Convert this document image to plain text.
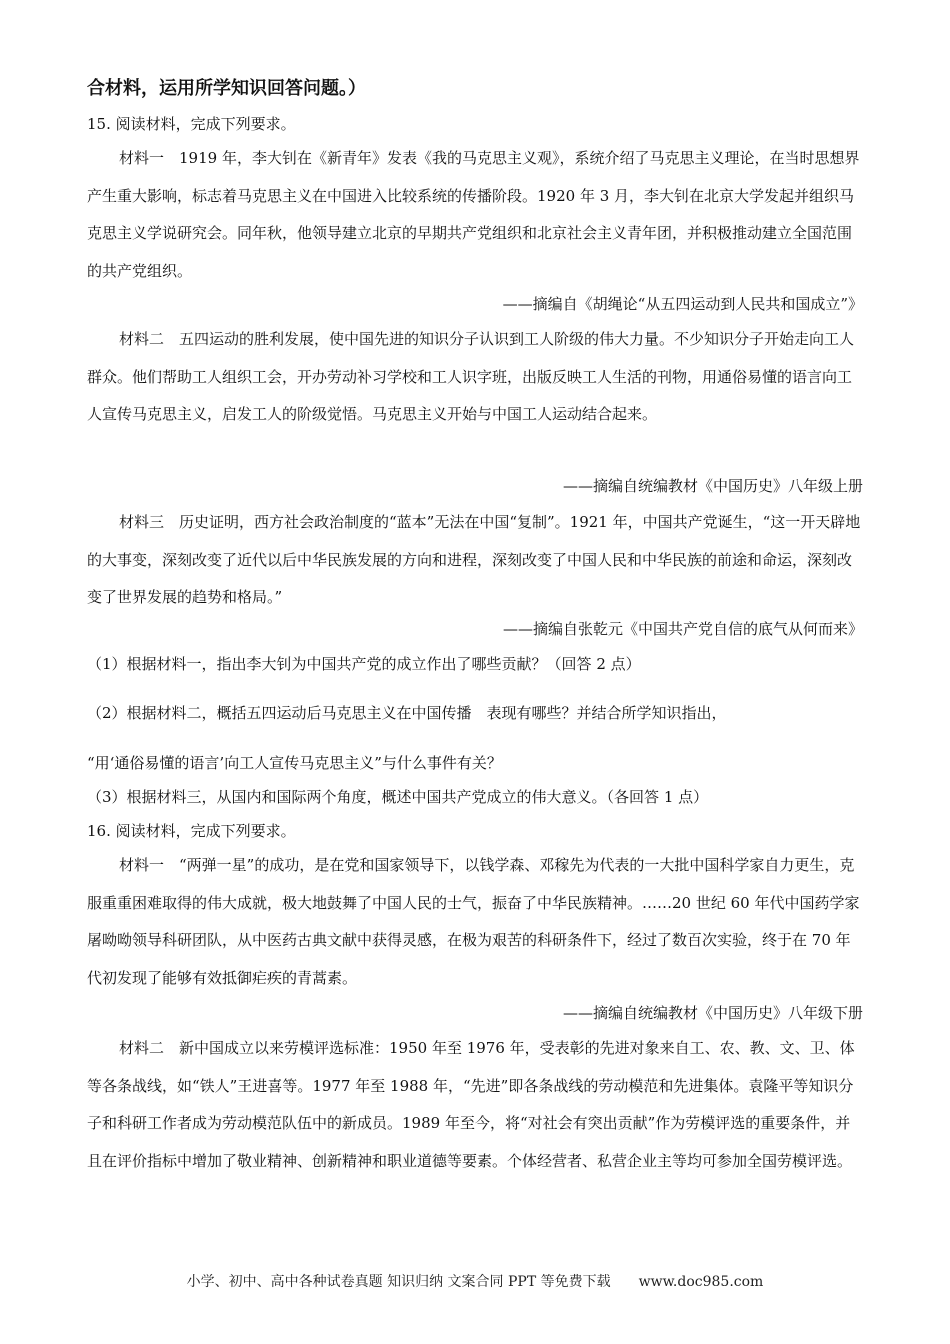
合材料，运用所学知识回答问题。）
15. 阅读材料，完成下列要求。
材料一　1919 年，李大钊在《新青年》发表《我的马克思主义观》，系统介绍了马克思主义理论，在当时思想界产生重大影响，标志着马克思主义在中国进入比较系统的传播阶段。1920 年 3 月，李大钊在北京大学发起并组织马克思主义学说研究会。同年秋，他领导建立北京的早期共产党组织和北京社会主义青年团，并积极推动建立全国范围的共产党组织。
——摘编自《胡绳论“从五四运动到人民共和国成立”》
材料二　五四运动的胜利发展，使中国先进的知识分子认识到工人阶级的伟大力量。不少知识分子开始走向工人群众。他们帮助工人组织工会，开办劳动补习学校和工人识字班，出版反映工人生活的刊物，用通俗易懂的语言向工人宣传马克思主义，启发工人的阶级觉悟。马克思主义开始与中国工人运动结合起来。
——摘编自统编教材《中国历史》八年级上册
材料三　历史证明，西方社会政治制度的“蓝本”无法在中国“复制”。1921 年，中国共产党诞生，“这一开天辟地的大事变，深刻改变了近代以后中华民族发展的方向和进程，深刻改变了中国人民和中华民族的前途和命运，深刻改变了世界发展的趋势和格局。”
——摘编自张乾元《中国共产党自信的底气从何而来》
（1）根据材料一，指出李大钊为中国共产党的成立作出了哪些贡献？（回答 2 点）
（2）根据材料二，概括五四运动后马克思主义在中国传播　表现有哪些？并结合所学知识指出，
“用‘通俗易懂的语言’向工人宣传马克思主义”与什么事件有关？
（3）根据材料三，从国内和国际两个角度，概述中国共产党成立的伟大意义。（各回答 1 点）
16. 阅读材料，完成下列要求。
材料一　“两弹一星”的成功，是在党和国家领导下，以钱学森、邓稼先为代表的一大批中国科学家自力更生，克服重重困难取得的伟大成就，极大地鼓舞了中国人民的士气，振奋了中华民族精神。……20 世纪 60 年代中国药学家屠呦呦领导科研团队，从中医药古典文献中获得灵感，在极为艰苦的科研条件下，经过了数百次实验，终于在 70 年代初发现了能够有效抵御疟疾的青蒿素。
——摘编自统编教材《中国历史》八年级下册
材料二　新中国成立以来劳模评选标准：1950 年至 1976 年，受表彰的先进对象来自工、农、教、文、卫、体等各条战线，如“铁人”王进喜等。1977 年至 1988 年，“先进”即各条战线的劳动模范和先进集体。袁隆平等知识分子和科研工作者成为劳动模范队伍中的新成员。1989 年至今，将“对社会有突出贡献”作为劳模评选的重要条件，并且在评价指标中增加了敬业精神、创新精神和职业道德等要素。个体经营者、私营企业主等均可参加全国劳模评选。
小学、初中、高中各种试卷真题 知识归纳 文案合同 PPT 等免费下载　　www.doc985.com
